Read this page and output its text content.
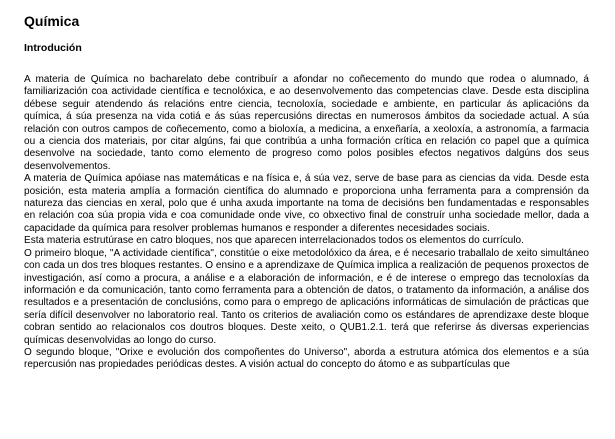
Química
Introdución

A materia de Química no bacharelato debe contribuír a afondar no coñecemento do mundo que rodea o alumnado, á familiarización coa actividade científica e tecnolóxica, e ao desenvolvemento das competencias clave. Desde esta disciplina débese seguir atendendo ás relacións entre ciencia, tecnoloxía, sociedade e ambiente, en particular ás aplicacións da química, á súa presenza na vida cotiá e ás súas repercusións directas en numerosos ámbitos da sociedade actual. A súa relación con outros campos de coñecemento, como a bioloxía, a medicina, a enxeñaría, a xeoloxía, a astronomía, a farmacia ou a ciencia dos materiais, por citar algúns, fai que contribúa a unha formación crítica en relación co papel que a química desenvolve na sociedade, tanto como elemento de progreso como polos posibles efectos negativos dalgúns dos seus desenvolvementos.

A materia de Química apóiase nas matemáticas e na física e, á súa vez, serve de base para as ciencias da vida. Desde esta posición, esta materia amplía a formación científica do alumnado e proporciona unha ferramenta para a comprensión da natureza das ciencias en xeral, polo que é unha axuda importante na toma de decisións ben fundamentadas e responsables en relación coa súa propia vida e coa comunidade onde vive, co obxectivo final de construír unha sociedade mellor, dada a capacidade da química para resolver problemas humanos e responder a diferentes necesidades sociais.

Esta materia estrutúrase en catro bloques, nos que aparecen interrelacionados todos os elementos do currículo.

O primeiro bloque, "A actividade científica", constitúe o eixe metodolóxico da área, e é necesario traballalo de xeito simultáneo con cada un dos tres bloques restantes. O ensino e a aprendizaxe de Química implica a realización de pequenos proxectos de investigación, así como a procura, a análise e a elaboración de información, e é de interese o emprego das tecnoloxías da información e da comunicación, tanto como ferramenta para a obtención de datos, o tratamento da información, a análise dos resultados e a presentación de conclusións, como para o emprego de aplicacións informáticas de simulación de prácticas que sería difícil desenvolver no laboratorio real. Tanto os criterios de avaliación como os estándares de aprendizaxe deste bloque cobran sentido ao relacionalos cos doutros bloques. Deste xeito, o QUB1.2.1. terá que referirse ás diversas experiencias químicas desenvolvidas ao longo do curso.

O segundo bloque, "Orixe e evolución dos compoñentes do Universo", aborda a estrutura atómica dos elementos e a súa repercusión nas propiedades periódicas destes. A visión actual do concepto do átomo e as subpartículas que
